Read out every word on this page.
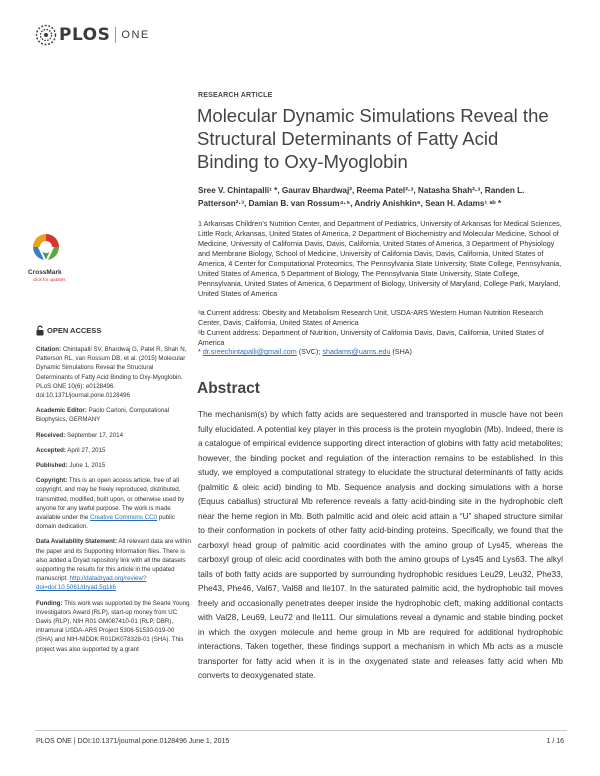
PLOS ONE
RESEARCH ARTICLE
Molecular Dynamic Simulations Reveal the Structural Determinants of Fatty Acid Binding to Oxy-Myoglobin
Sree V. Chintapalli¹ *, Gaurav Bhardwaj², Reema Patel²·³, Natasha Shah²·³, Randen L. Patterson²·³, Damian B. van Rossum⁴·⁵, Andriy Anishkin⁶, Sean H. Adams¹ ᵃᵇ *
1 Arkansas Children's Nutrition Center, and Department of Pediatrics, University of Arkansas for Medical Sciences, Little Rock, Arkansas, United States of America, 2 Department of Biochemistry and Molecular Medicine, School of Medicine, University of California Davis, Davis, California, United States of America, 3 Department of Physiology and Membrane Biology, School of Medicine, University of California Davis, Davis, California, United States of America, 4 Center for Computational Proteomics, The Pennsylvania State University, State College, Pennsylvania, United States of America, 5 Department of Biology, The Pennsylvania State University, State College, Pennsylvania, United States of America, 6 Department of Biology, University of Maryland, College Park, Maryland, United States of America
ᵃa Current address: Obesity and Metabolism Research Unit, USDA-ARS Western Human Nutrition Research Center, Davis, California, United States of America
ᵃb Current address: Department of Nutrition, University of California Davis, Davis, California, United States of America
* dr.sreechintapalli@gmail.com (SVC); shadams@uams.edu (SHA)
Abstract

The mechanism(s) by which fatty acids are sequestered and transported in muscle have not been fully elucidated. A potential key player in this process is the protein myoglobin (Mb). Indeed, there is a catalogue of empirical evidence supporting direct interaction of globins with fatty acid metabolites; however, the binding pocket and regulation of the interaction remains to be established. In this study, we employed a computational strategy to elucidate the structural determinants of fatty acids (palmitic & oleic acid) binding to Mb. Sequence analysis and docking simulations with a horse (Equus caballus) structural Mb reference reveals a fatty acid-binding site in the hydrophobic cleft near the heme region in Mb. Both palmitic acid and oleic acid attain a “U” shaped structure similar to their conformation in pockets of other fatty acid-binding proteins. Specifically, we found that the carboxyl head group of palmitic acid coordinates with the amino group of Lys45, whereas the carboxyl group of oleic acid coordinates with both the amino groups of Lys45 and Lys63. The alkyl tails of both fatty acids are supported by surrounding hydrophobic residues Leu29, Leu32, Phe33, Phe43, Phe46, Val67, Val68 and Ile107. In the saturated palmitic acid, the hydrophobic tail moves freely and occasionally penetrates deeper inside the hydrophobic cleft, making additional contacts with Val28, Leu69, Leu72 and Ile111. Our simulations reveal a dynamic and stable binding pocket in which the oxygen molecule and heme group in Mb are required for additional hydrophobic interactions. Taken together, these findings support a mechanism in which Mb acts as a muscle transporter for fatty acid when it is in the oxygenated state and releases fatty acid when Mb converts to deoxygenated state.

CrossMark
click for updates
OPEN ACCESS
Citation: Chintapalli SV, Bhardwaj G, Patel R, Shah N, Patterson RL, van Rossum DB, et al. (2015) Molecular Dynamic Simulations Reveal the Structural Determinants of Fatty Acid Binding to Oxy-Myoglobin. PLoS ONE 10(6): e0128496. doi:10.1371/journal.pone.0128496
Academic Editor: Paolo Carloni, Computational Biophysics, GERMANY
Received: September 17, 2014
Accepted: April 27, 2015
Published: June 1, 2015
Copyright: This is an open access article, free of all copyright, and may be freely reproduced, distributed, transmitted, modified, built upon, or otherwise used by anyone for any lawful purpose. The work is made available under the Creative Commons CC0 public domain dedication.
Data Availability Statement: All relevant data are within the paper and its Supporting Information files. There is also added a Dryad repository link with all the datasets supporting the results for this article in the updated manuscript. http://datadryad.org/review?doi=doi:10.5061/dryad.5g1k6
Funding: This work was supported by the Searle Young Investigators Award (RLP), start-up money from UC Davis (RLP), NIH R01 GM087410-01 (RLP, DBR), intramural USDA-ARS Project 5306-51530-019-00 (SHA) and NIH-NIDDK R01DK078328-01 (SHA). This project was also supported by a grant
PLOS ONE | DOI:10.1371/journal.pone.0128496 June 1, 2015	1 / 16
